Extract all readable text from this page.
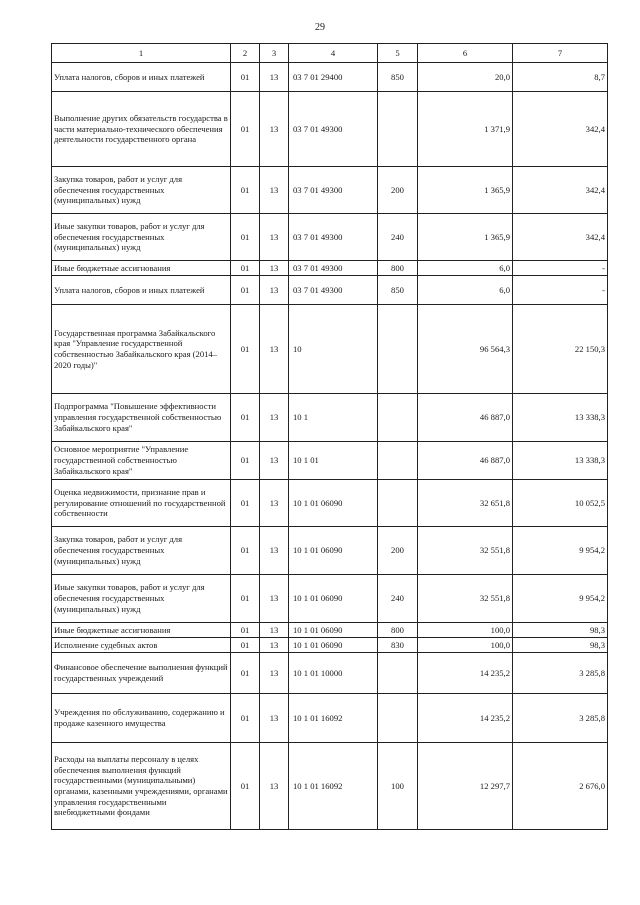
29
1	2	3	4	5	6	7
Уплата налогов, сборов и иных платежей	01	13	03 7 01 29400	850	20,0	8,7
Выполнение других обязательств государства в части материально-технического обеспечения деятельности государственного органа	01	13	03 7 01 49300		1 371,9	342,4
Закупка товаров, работ и услуг для обеспечения государственных (муниципальных) нужд	01	13	03 7 01 49300	200	1 365,9	342,4
Иные закупки товаров, работ и услуг для обеспечения государственных (муниципальных) нужд	01	13	03 7 01 49300	240	1 365,9	342,4
Иные бюджетные ассигнования	01	13	03 7 01 49300	800	6,0	-
Уплата налогов, сборов и иных платежей	01	13	03 7 01 49300	850	6,0	-
Государственная программа Забайкальского края "Управление государственной собственностью Забайкальского края (2014–2020 годы)"	01	13	10		96 564,3	22 150,3
Подпрограмма "Повышение эффективности управления государственной собственностью Забайкальского края"	01	13	10 1		46 887,0	13 338,3
Основное мероприятие "Управление государственной собственностью Забайкальского края"	01	13	10 1 01		46 887,0	13 338,3
Оценка недвижимости, признание прав и регулирование отношений по государственной собственности	01	13	10 1 01 06090		32 651,8	10 052,5
Закупка товаров, работ и услуг для обеспечения государственных (муниципальных) нужд	01	13	10 1 01 06090	200	32 551,8	9 954,2
Иные закупки товаров, работ и услуг для обеспечения государственных (муниципальных) нужд	01	13	10 1 01 06090	240	32 551,8	9 954,2
Иные бюджетные ассигнования	01	13	10 1 01 06090	800	100,0	98,3
Исполнение судебных актов	01	13	10 1 01 06090	830	100,0	98,3
Финансовое обеспечение выполнения функций государственных учреждений	01	13	10 1 01 10000		14 235,2	3 285,8
Учреждения по обслуживанию, содержанию и продаже казенного имущества	01	13	10 1 01 16092		14 235,2	3 285,8
Расходы на выплаты персоналу в целях обеспечения выполнения функций государственными (муниципальными) органами, казенными учреждениями, органами управления государственными внебюджетными фондами	01	13	10 1 01 16092	100	12 297,7	2 676,0
